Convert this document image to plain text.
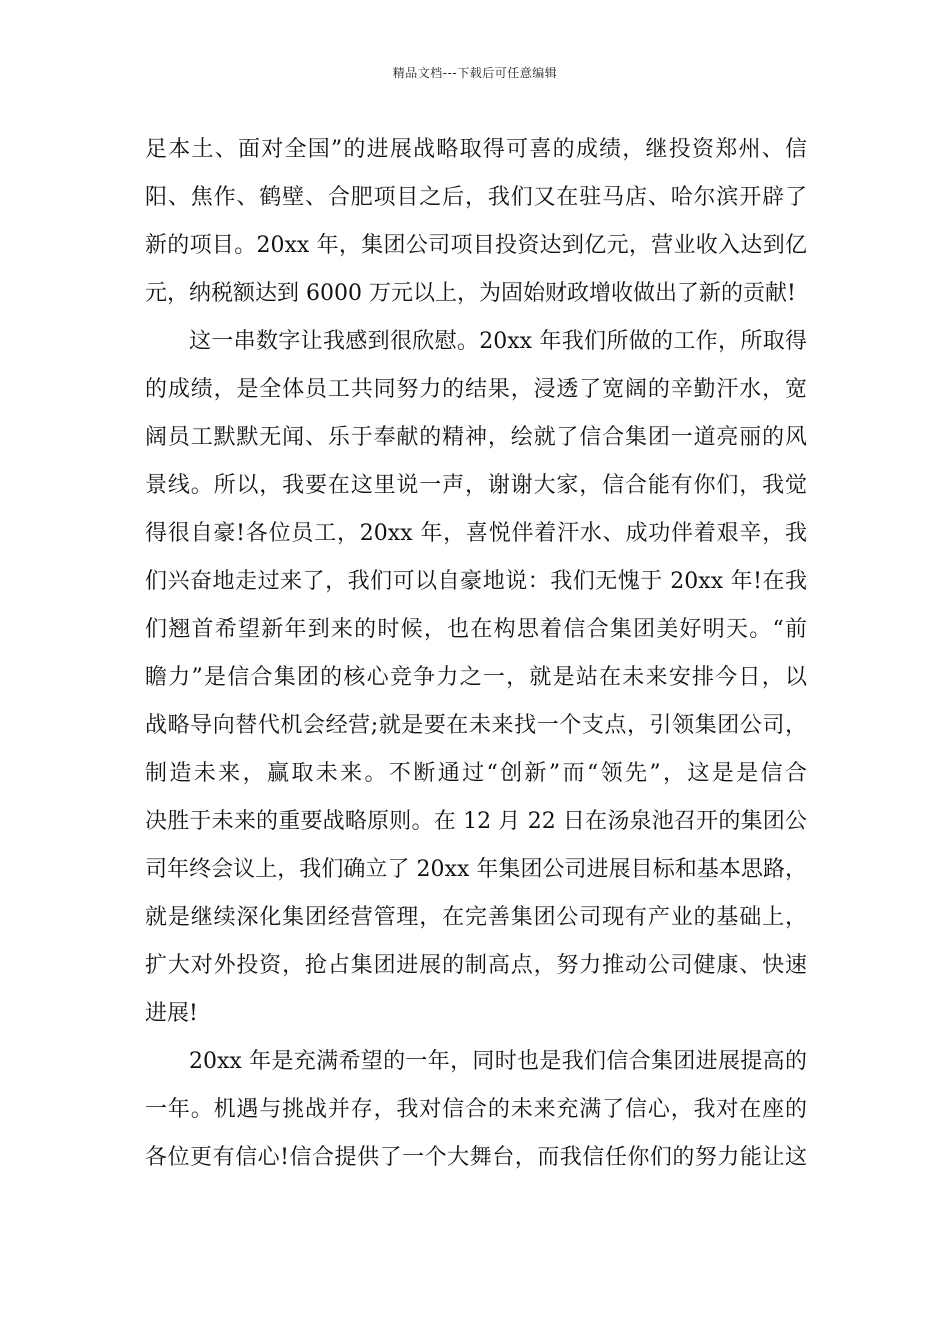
精品文档---下载后可任意编辑
足本土、面对全国”的进展战略取得可喜的成绩，继投资郑州、信
阳、焦作、鹤壁、合肥项目之后，我们又在驻马店、哈尔滨开辟了
新的项目。20xx 年，集团公司项目投资达到亿元，营业收入达到亿
元，纳税额达到 6000 万元以上，为固始财政增收做出了新的贡献!
这一串数字让我感到很欣慰。20xx 年我们所做的工作，所取得
的成绩，是全体员工共同努力的结果，浸透了宽阔的辛勤汗水，宽
阔员工默默无闻、乐于奉献的精神，绘就了信合集团一道亮丽的风
景线。所以，我要在这里说一声，谢谢大家，信合能有你们，我觉
得很自豪!各位员工，20xx 年，喜悦伴着汗水、成功伴着艰辛，我
们兴奋地走过来了，我们可以自豪地说：我们无愧于 20xx 年!在我
们翘首希望新年到来的时候，也在构思着信合集团美好明天。“前
瞻力”是信合集团的核心竞争力之一，就是站在未来安排今日，以
战略导向替代机会经营;就是要在未来找一个支点，引领集团公司，
制造未来，赢取未来。不断通过“创新”而“领先”，这是是信合
决胜于未来的重要战略原则。在 12 月 22 日在汤泉池召开的集团公
司年终会议上，我们确立了 20xx 年集团公司进展目标和基本思路，
就是继续深化集团经营管理，在完善集团公司现有产业的基础上，
扩大对外投资，抢占集团进展的制高点，努力推动公司健康、快速
进展!
20xx 年是充满希望的一年，同时也是我们信合集团进展提高的
一年。机遇与挑战并存，我对信合的未来充满了信心，我对在座的
各位更有信心!信合提供了一个大舞台，而我信任你们的努力能让这
